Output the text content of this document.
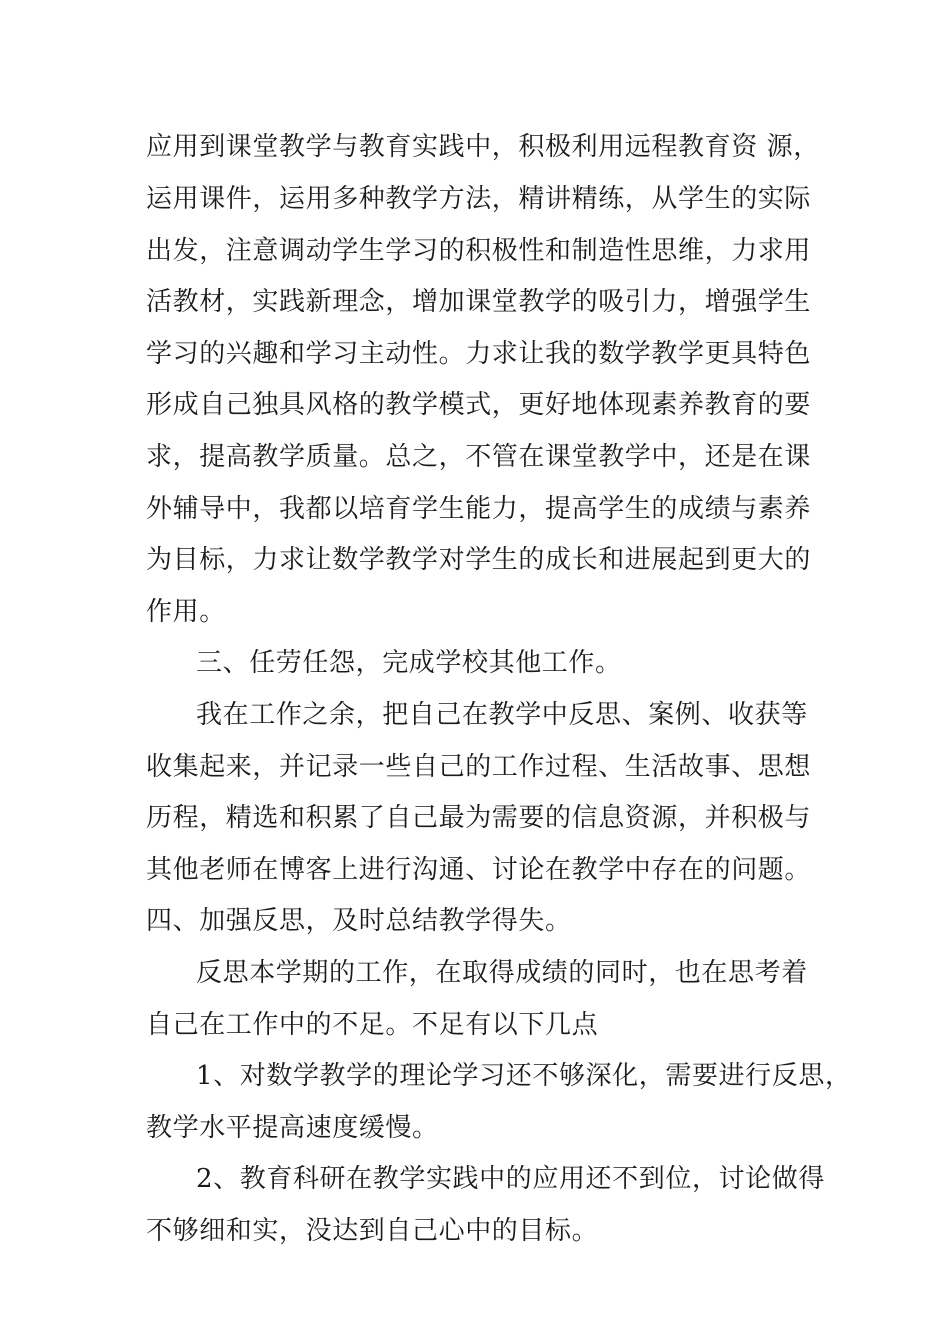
应用到课堂教学与教育实践中，积极利用远程教育资 源，
运用课件，运用多种教学方法，精讲精练，从学生的实际
出发，注意调动学生学习的积极性和制造性思维，力求用
活教材，实践新理念，增加课堂教学的吸引力，增强学生
学习的兴趣和学习主动性。力求让我的数学教学更具特色
形成自己独具风格的教学模式，更好地体现素养教育的要
求，提高教学质量。总之，不管在课堂教学中，还是在课
外辅导中，我都以培育学生能力，提高学生的成绩与素养
为目标，力求让数学教学对学生的成长和进展起到更大的
作用。
三、任劳任怨，完成学校其他工作。
我在工作之余，把自己在教学中反思、案例、收获等
收集起来，并记录一些自己的工作过程、生活故事、思想
历程，精选和积累了自己最为需要的信息资源，并积极与
其他老师在博客上进行沟通、讨论在教学中存在的问题。
四、加强反思，及时总结教学得失。
反思本学期的工作，在取得成绩的同时，也在思考着
自己在工作中的不足。不足有以下几点
1、对数学教学的理论学习还不够深化，需要进行反思，
教学水平提高速度缓慢。
2、教育科研在教学实践中的应用还不到位，讨论做得
不够细和实，没达到自己心中的目标。
